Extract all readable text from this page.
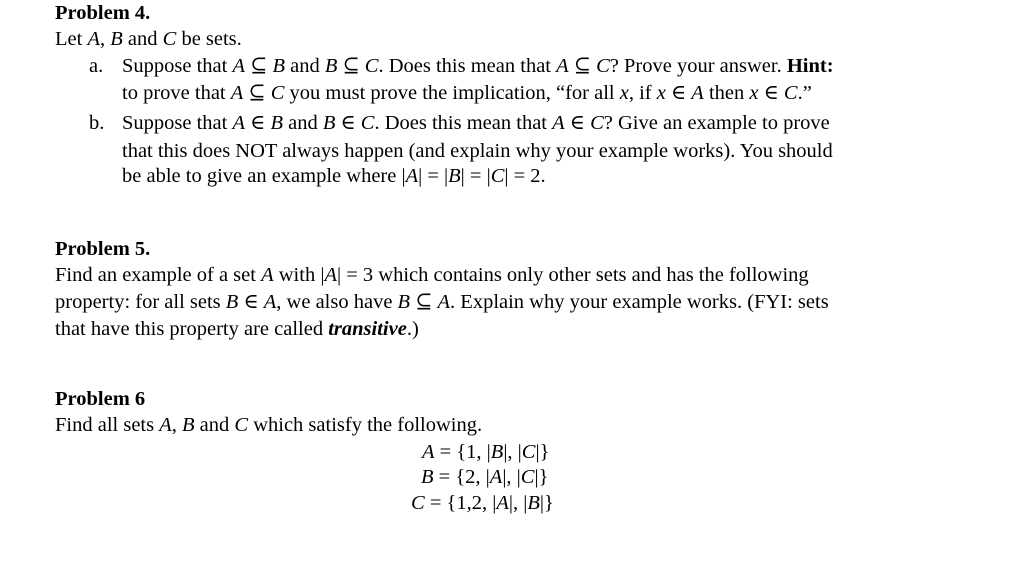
Problem 4.
Let A, B and C be sets.
a. Suppose that A ⊆ B and B ⊆ C. Does this mean that A ⊆ C? Prove your answer. Hint:
to prove that A ⊆ C you must prove the implication, “for all x, if x ∈ A then x ∈ C.”
b. Suppose that A ∈ B and B ∈ C. Does this mean that A ∈ C? Give an example to prove
that this does NOT always happen (and explain why your example works). You should
be able to give an example where |A| = |B| = |C| = 2.
Problem 5.
Find an example of a set A with |A| = 3 which contains only other sets and has the following
property: for all sets B ∈ A, we also have B ⊆ A. Explain why your example works. (FYI: sets
that have this property are called transitive.)
Problem 6
Find all sets A, B and C which satisfy the following.
A = {1, |B|, |C|}
B = {2, |A|, |C|}
C = {1,2, |A|, |B|}
